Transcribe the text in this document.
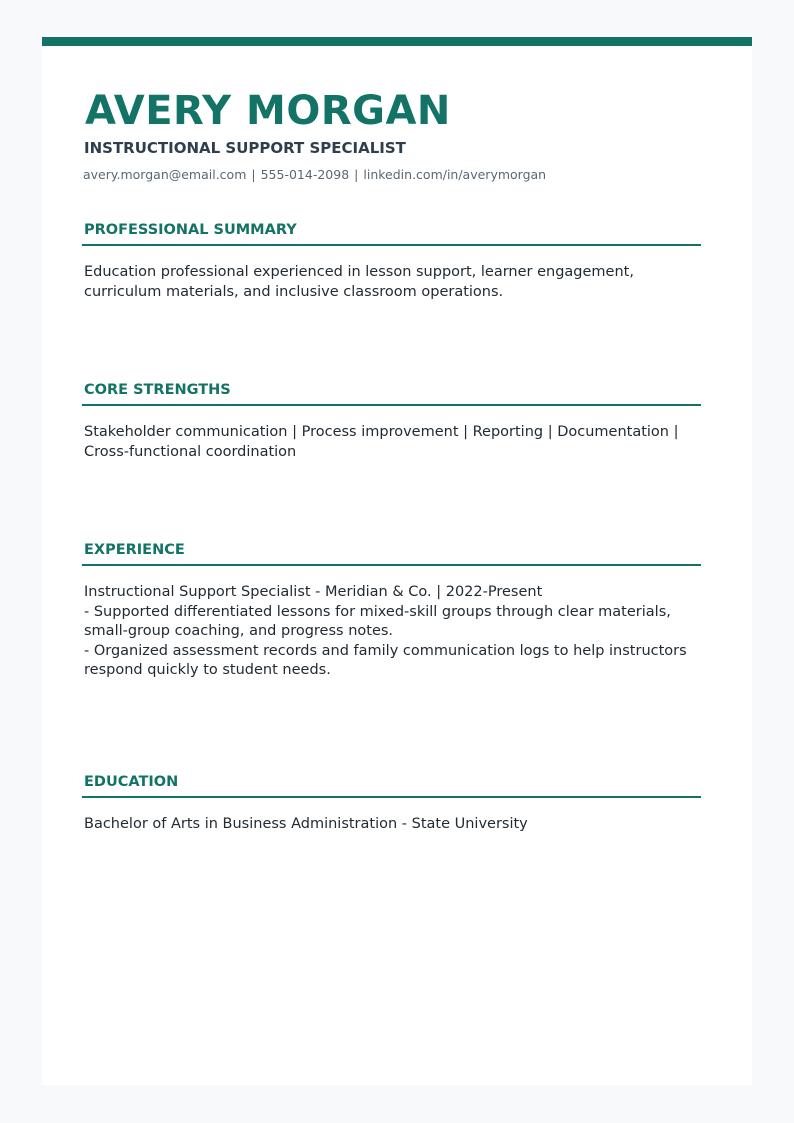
AVERY MORGAN
INSTRUCTIONAL SUPPORT SPECIALIST
avery.morgan@email.com | 555-014-2098 | linkedin.com/in/averymorgan
PROFESSIONAL SUMMARY

Education professional experienced in lesson support, learner engagement, curriculum materials, and inclusive classroom operations.

CORE STRENGTHS

Stakeholder communication | Process improvement | Reporting | Documentation | Cross-functional coordination

EXPERIENCE

Instructional Support Specialist - Meridian & Co. | 2022-Present

- Supported differentiated lessons for mixed-skill groups through clear materials, small-group coaching, and progress notes.

- Organized assessment records and family communication logs to help instructors respond quickly to student needs.

EDUCATION

Bachelor of Arts in Business Administration - State University
